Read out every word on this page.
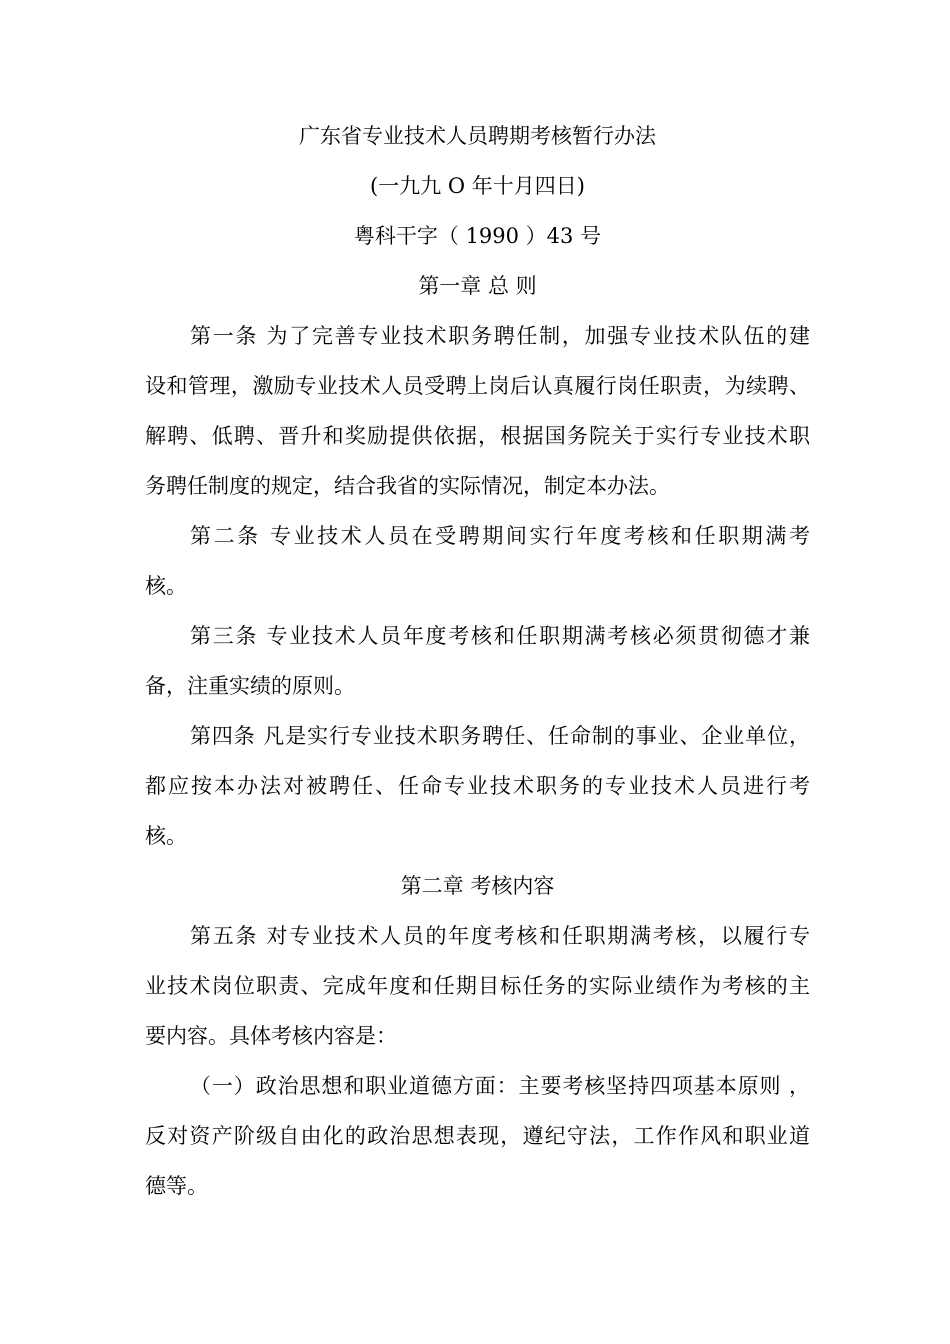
广东省专业技术人员聘期考核暂行办法
(一九九 O 年十月四日)
粤科干字（ 1990 ）43 号
第一章 总 则
第一条 为了完善专业技术职务聘任制，加强专业技术队伍的建
设和管理，激励专业技术人员受聘上岗后认真履行岗任职责，为续聘、
解聘、低聘、晋升和奖励提供依据，根据国务院关于实行专业技术职
务聘任制度的规定，结合我省的实际情况，制定本办法。
第二条 专业技术人员在受聘期间实行年度考核和任职期满考
核。
第三条 专业技术人员年度考核和任职期满考核必须贯彻德才兼
备，注重实绩的原则。
第四条 凡是实行专业技术职务聘任、任命制的事业、企业单位，
都应按本办法对被聘任、任命专业技术职务的专业技术人员进行考
核。
第二章 考核内容
第五条 对专业技术人员的年度考核和任职期满考核，以履行专
业技术岗位职责、完成年度和任期目标任务的实际业绩作为考核的主
要内容。具体考核内容是：
（一）政治思想和职业道德方面：主要考核坚持四项基本原则 ，
反对资产阶级自由化的政治思想表现，遵纪守法，工作作风和职业道
德等。
